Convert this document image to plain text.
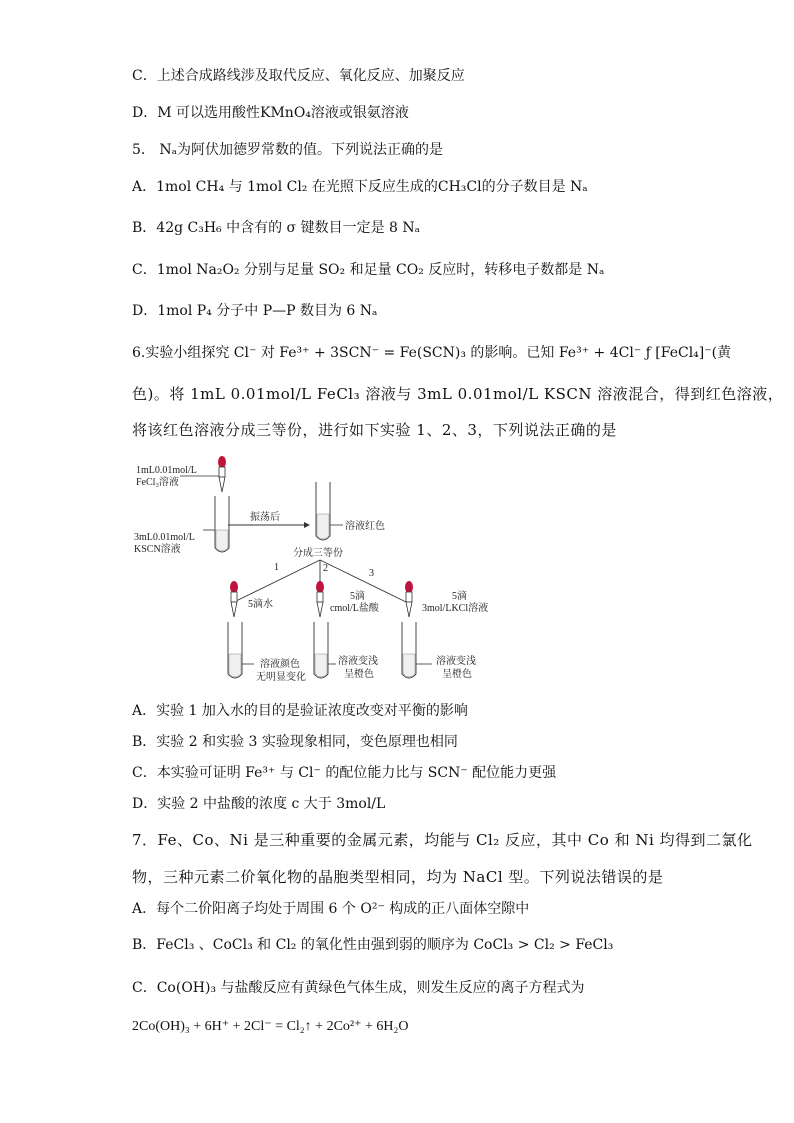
C．上述合成路线涉及取代反应、氧化反应、加聚反应
D．M 可以选用酸性KMnO₄溶液或银氨溶液
5． Nₐ为阿伏加德罗常数的值。下列说法正确的是
A．1mol CH₄ 与 1mol Cl₂ 在光照下反应生成的CH₃Cl的分子数目是 Nₐ
B．42g C₃H₆ 中含有的 σ 键数目一定是 8 Nₐ
C．1mol Na₂O₂ 分别与足量 SO₂ 和足量 CO₂ 反应时，转移电子数都是 Nₐ
D．1mol P₄ 分子中 P—P 数目为 6 Nₐ
6.实验小组探究 Cl⁻ 对 Fe³⁺ + 3SCN⁻ = Fe(SCN)₃ 的影响。已知 Fe³⁺ + 4Cl⁻ ƒ [FeCl₄]⁻(黄
色)。将 1mL 0.01mol/L FeCl₃ 溶液与 3mL 0.01mol/L KSCN 溶液混合，得到红色溶液，
将该红色溶液分成三等份，进行如下实验 1、2、3，下列说法正确的是
1mL0.01mol/L
FeCl₃溶液
3mL0.01mol/L
KSCN溶液
振荡后
溶液红色
分成三等份
1	2	3
5滴水
5滴
cmol/L盐酸
5滴
3mol/LKCl溶液
溶液颜色
无明显变化
溶液变浅
呈橙色
溶液变浅
呈橙色
A．实验 1 加入水的目的是验证浓度改变对平衡的影响
B．实验 2 和实验 3 实验现象相同，变色原理也相同
C．本实验可证明 Fe³⁺ 与 Cl⁻ 的配位能力比与 SCN⁻ 配位能力更强
D．实验 2 中盐酸的浓度 c 大于 3mol/L
7．Fe、Co、Ni 是三种重要的金属元素，均能与 Cl₂ 反应，其中 Co 和 Ni 均得到二氯化
物，三种元素二价氧化物的晶胞类型相同，均为 NaCl 型。下列说法错误的是
A．每个二价阳离子均处于周围 6 个 O²⁻ 构成的正八面体空隙中
B．FeCl₃ 、CoCl₃ 和 Cl₂ 的氧化性由强到弱的顺序为 CoCl₃ > Cl₂ > FeCl₃
C．Co(OH)₃ 与盐酸反应有黄绿色气体生成，则发生反应的离子方程式为
2Co(OH)₃ + 6H⁺ + 2Cl⁻ = Cl₂↑ + 2Co²⁺ + 6H₂O
